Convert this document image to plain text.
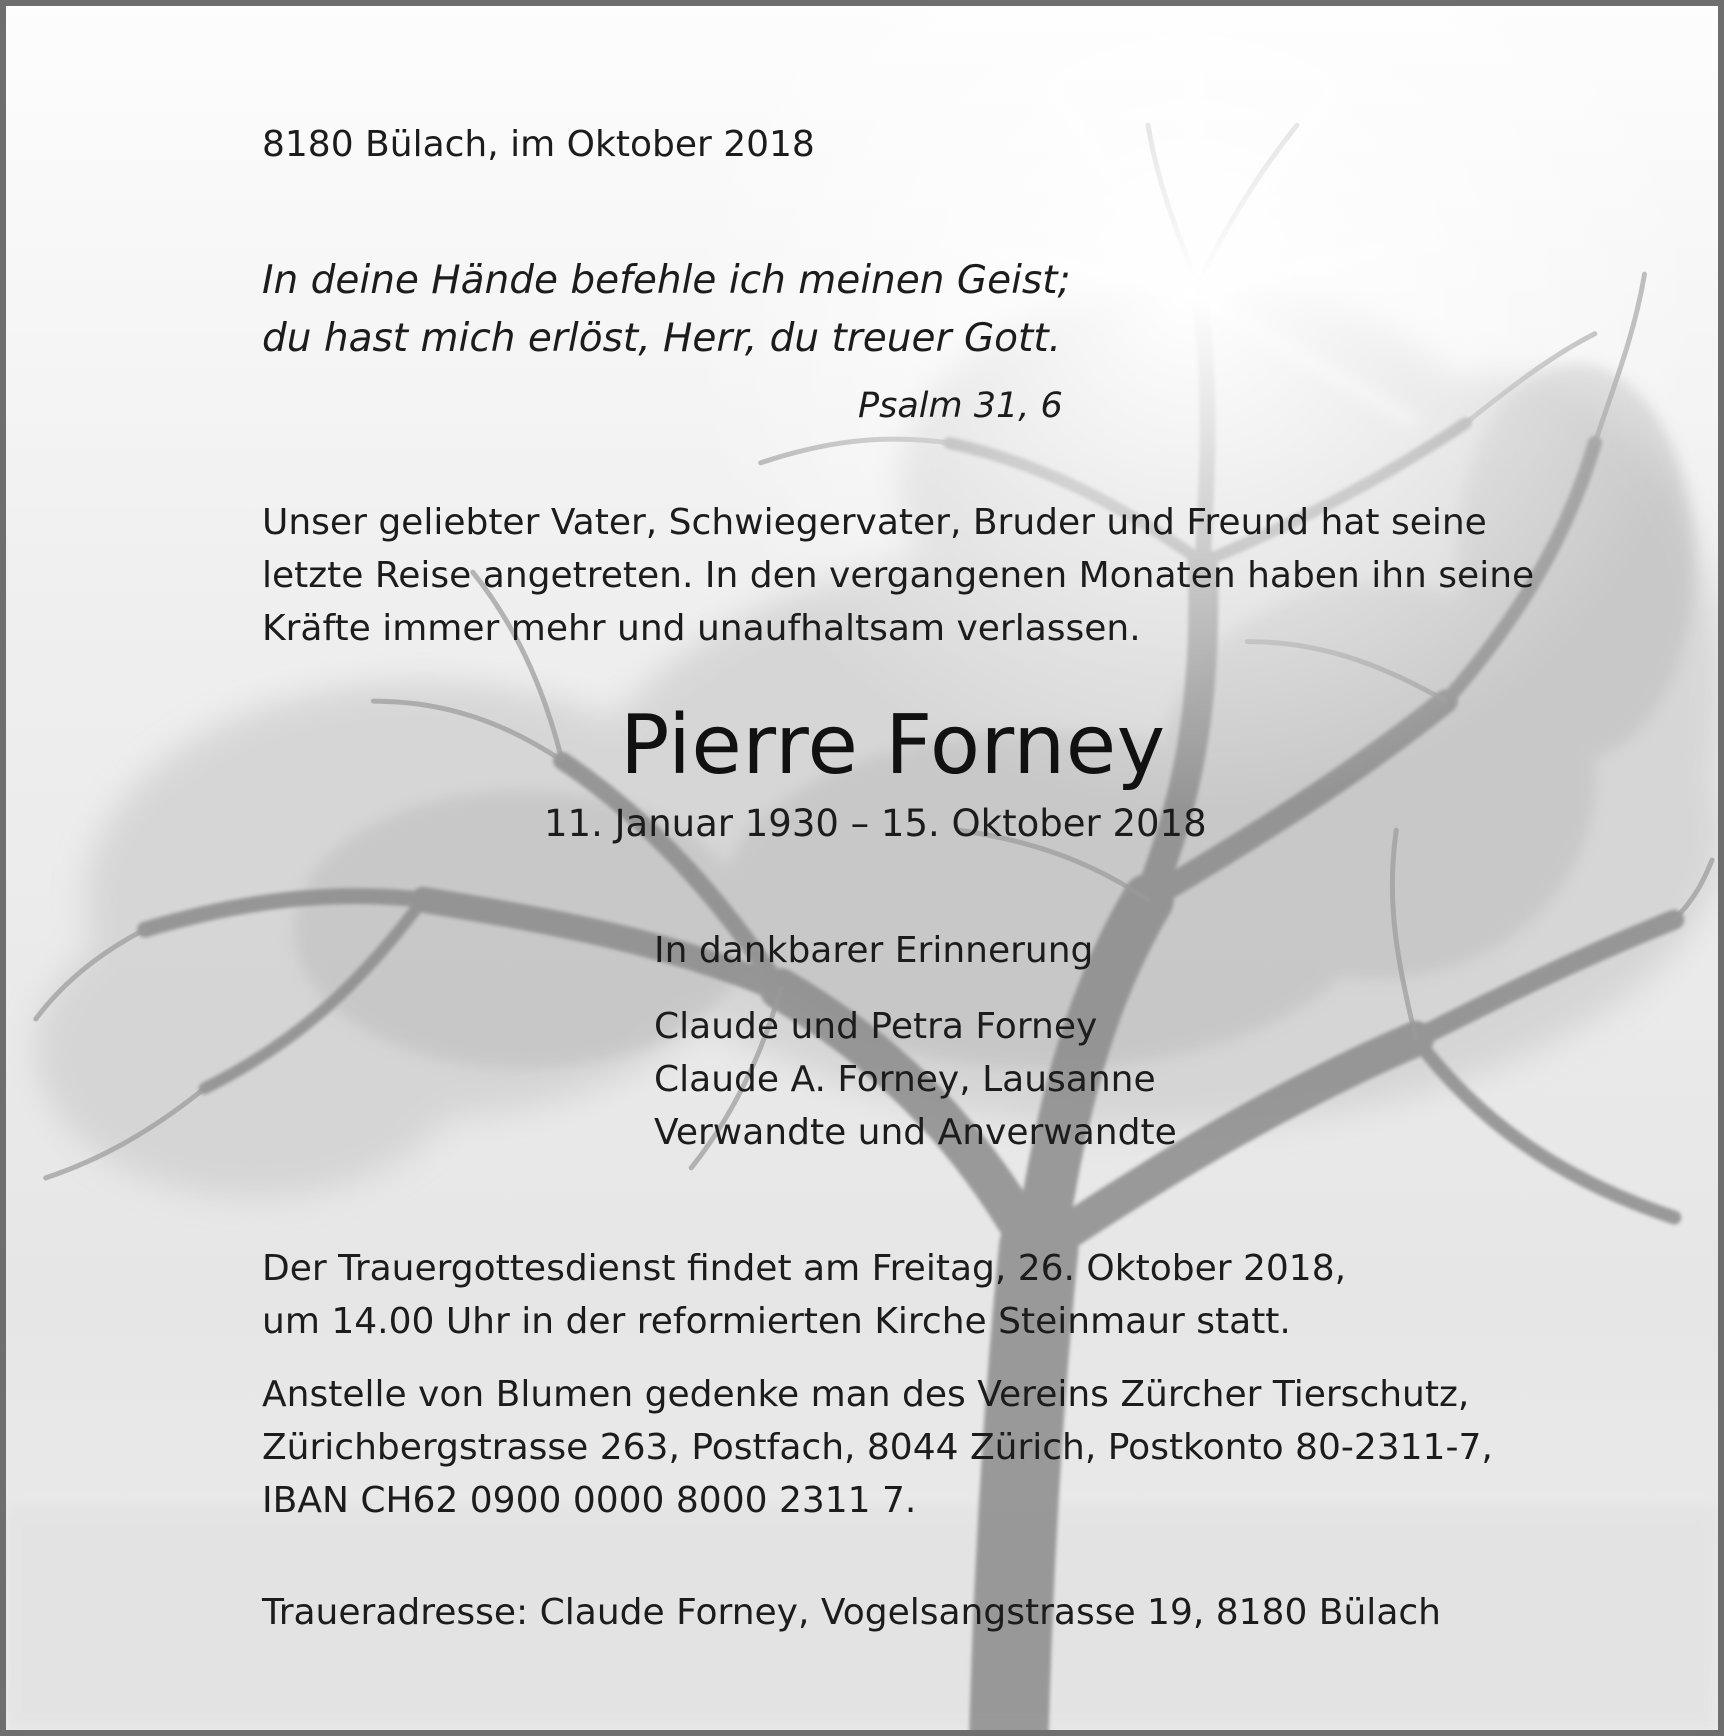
8180 Bülach, im Oktober 2018

In deine Hände befehle ich meinen Geist;
du hast mich erlöst, Herr, du treuer Gott.

Psalm 31, 6

Unser geliebter Vater, Schwiegervater, Bruder und Freund hat seine
letzte Reise angetreten. In den vergangenen Monaten haben ihn seine
Kräfte immer mehr und unaufhaltsam verlassen.

Pierre Forney

11. Januar 1930 – 15. Oktober 2018

In dankbarer Erinnerung

Claude und Petra Forney
Claude A. Forney, Lausanne
Verwandte und Anverwandte
Der Trauergottesdienst findet am Freitag, 26. Oktober 2018,
um 14.00 Uhr in der reformierten Kirche Steinmaur statt.
Anstelle von Blumen gedenke man des Vereins Zürcher Tierschutz,
Zürichbergstrasse 263, Postfach, 8044 Zürich, Postkonto 80-2311-7,
IBAN CH62 0900 0000 8000 2311 7.

Traueradresse: Claude Forney, Vogelsangstrasse 19, 8180 Bülach
